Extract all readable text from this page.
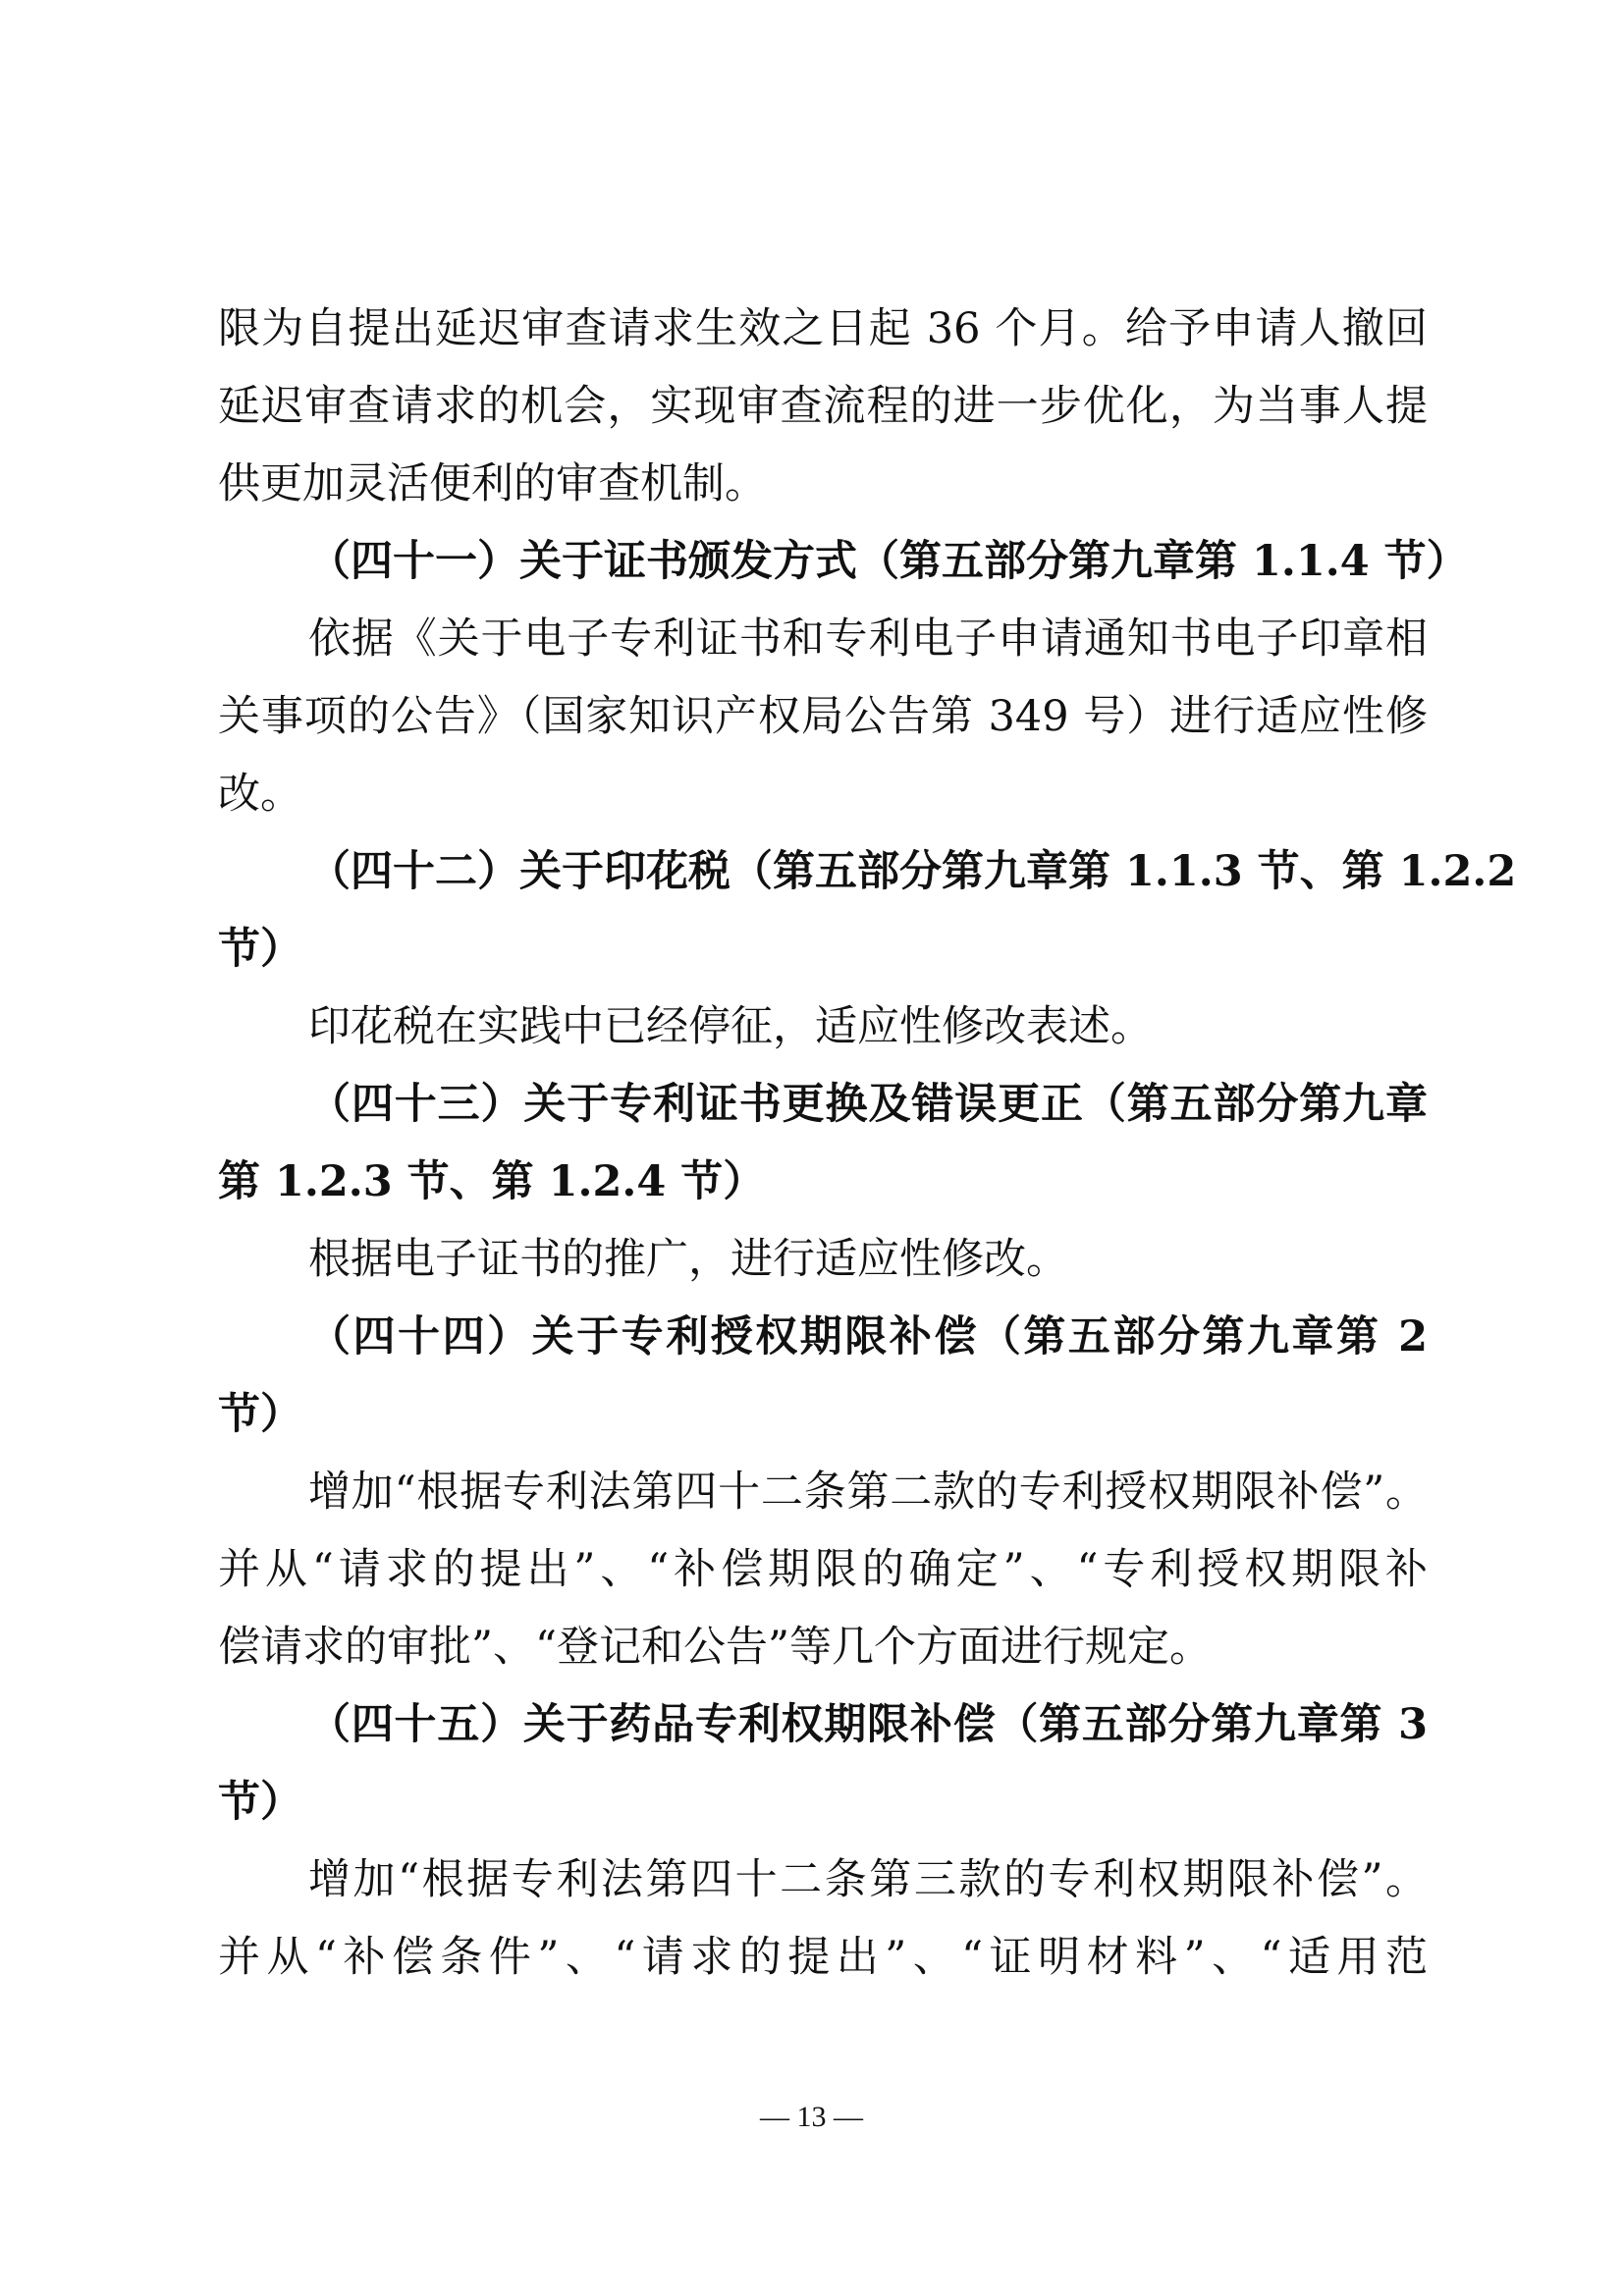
限为自提出延迟审查请求生效之日起 36 个月。给予申请人撤回
延迟审查请求的机会，实现审查流程的进一步优化，为当事人提
供更加灵活便利的审查机制。
（四十一）关于证书颁发方式（第五部分第九章第 1.1.4 节）
依据《关于电子专利证书和专利电子申请通知书电子印章相
关事项的公告》（国家知识产权局公告第 349 号）进行适应性修
改。
（四十二）关于印花税（第五部分第九章第 1.1.3 节、第 1.2.2
节）
印花税在实践中已经停征，适应性修改表述。
（四十三）关于专利证书更换及错误更正（第五部分第九章
第 1.2.3 节、第 1.2.4 节）
根据电子证书的推广，进行适应性修改。
（四十四）关于专利授权期限补偿（第五部分第九章第 2
节）
增加“根据专利法第四十二条第二款的专利授权期限补偿”。
并从“请求的提出”、“补偿期限的确定”、“专利授权期限补
偿请求的审批”、“登记和公告”等几个方面进行规定。
（四十五）关于药品专利权期限补偿（第五部分第九章第 3
节）
增加“根据专利法第四十二条第三款的专利权期限补偿”。
并从“补偿条件”、“请求的提出”、“证明材料”、“适用范
— 13 —
